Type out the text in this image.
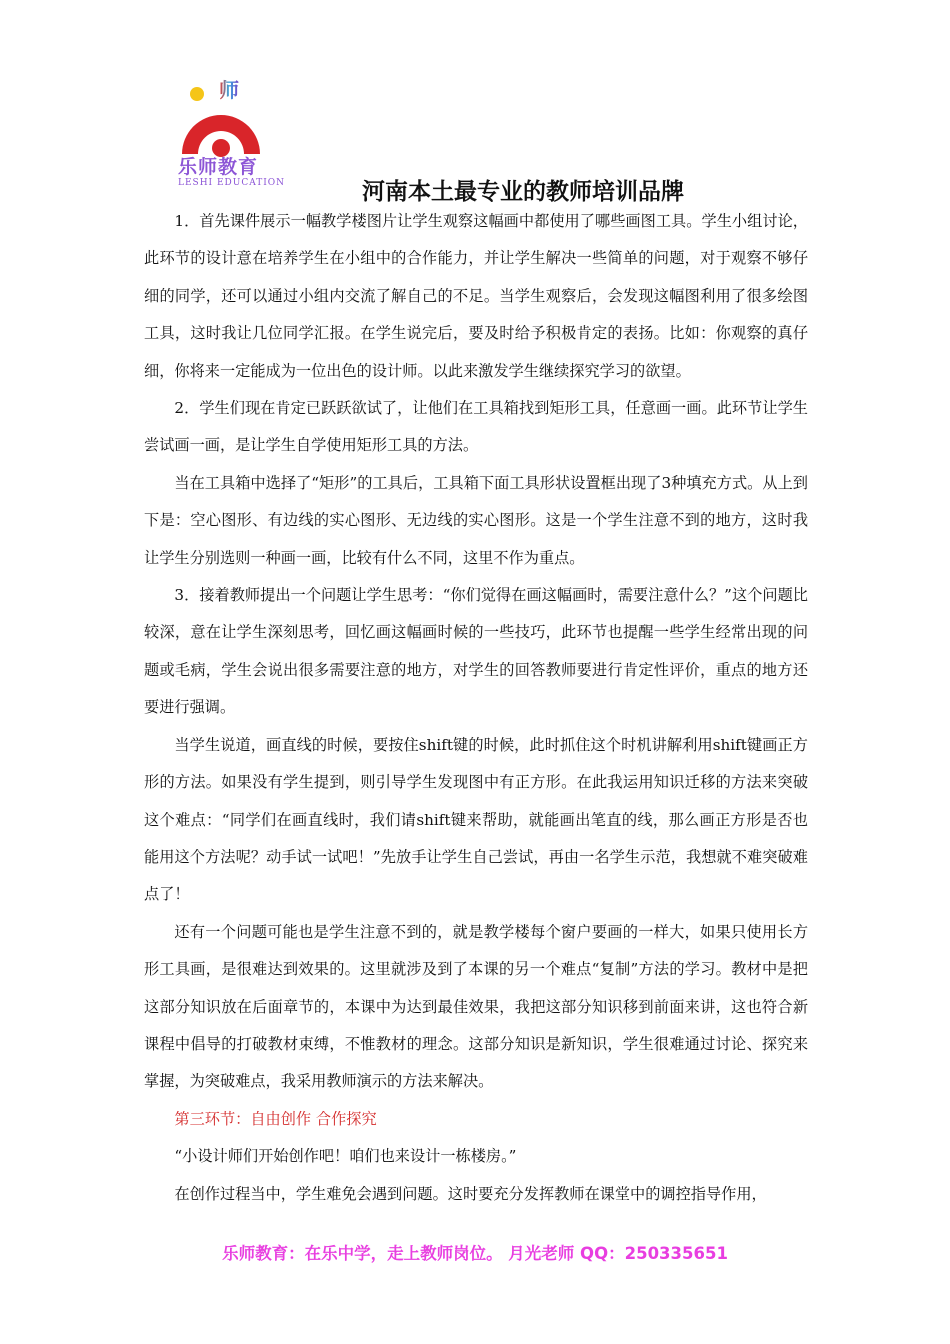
师
乐师教育
LESHI EDUCATION	河南本土最专业的教师培训品牌

1．首先课件展示一幅教学楼图片让学生观察这幅画中都使用了哪些画图工具。学生小组讨论，此环节的设计意在培养学生在小组中的合作能力，并让学生解决一些简单的问题，对于观察不够仔细的同学，还可以通过小组内交流了解自己的不足。当学生观察后，会发现这幅图利用了很多绘图工具，这时我让几位同学汇报。在学生说完后，要及时给予积极肯定的表扬。比如：你观察的真仔细，你将来一定能成为一位出色的设计师。以此来激发学生继续探究学习的欲望。

2．学生们现在肯定已跃跃欲试了，让他们在工具箱找到矩形工具，任意画一画。此环节让学生尝试画一画，是让学生自学使用矩形工具的方法。

当在工具箱中选择了“矩形”的工具后，工具箱下面工具形状设置框出现了3种填充方式。从上到下是：空心图形、有边线的实心图形、无边线的实心图形。这是一个学生注意不到的地方，这时我让学生分别选则一种画一画，比较有什么不同，这里不作为重点。

3．接着教师提出一个问题让学生思考：“你们觉得在画这幅画时，需要注意什么？”这个问题比较深，意在让学生深刻思考，回忆画这幅画时候的一些技巧，此环节也提醒一些学生经常出现的问题或毛病，学生会说出很多需要注意的地方，对学生的回答教师要进行肯定性评价，重点的地方还要进行强调。

当学生说道，画直线的时候，要按住shift键的时候，此时抓住这个时机讲解利用shift键画正方形的方法。如果没有学生提到，则引导学生发现图中有正方形。在此我运用知识迁移的方法来突破这个难点：“同学们在画直线时，我们请shift键来帮助，就能画出笔直的线，那么画正方形是否也能用这个方法呢？动手试一试吧！”先放手让学生自己尝试，再由一名学生示范，我想就不难突破难点了！

还有一个问题可能也是学生注意不到的，就是教学楼每个窗户要画的一样大，如果只使用长方形工具画，是很难达到效果的。这里就涉及到了本课的另一个难点“复制”方法的学习。教材中是把这部分知识放在后面章节的，本课中为达到最佳效果，我把这部分知识移到前面来讲，这也符合新课程中倡导的打破教材束缚，不惟教材的理念。这部分知识是新知识，学生很难通过讨论、探究来掌握，为突破难点，我采用教师演示的方法来解决。

第三环节：自由创作 合作探究

“小设计师们开始创作吧！咱们也来设计一栋楼房。”

在创作过程当中，学生难免会遇到问题。这时要充分发挥教师在课堂中的调控指导作用，

乐师教育：在乐中学，走上教师岗位。 月光老师 QQ：250335651
